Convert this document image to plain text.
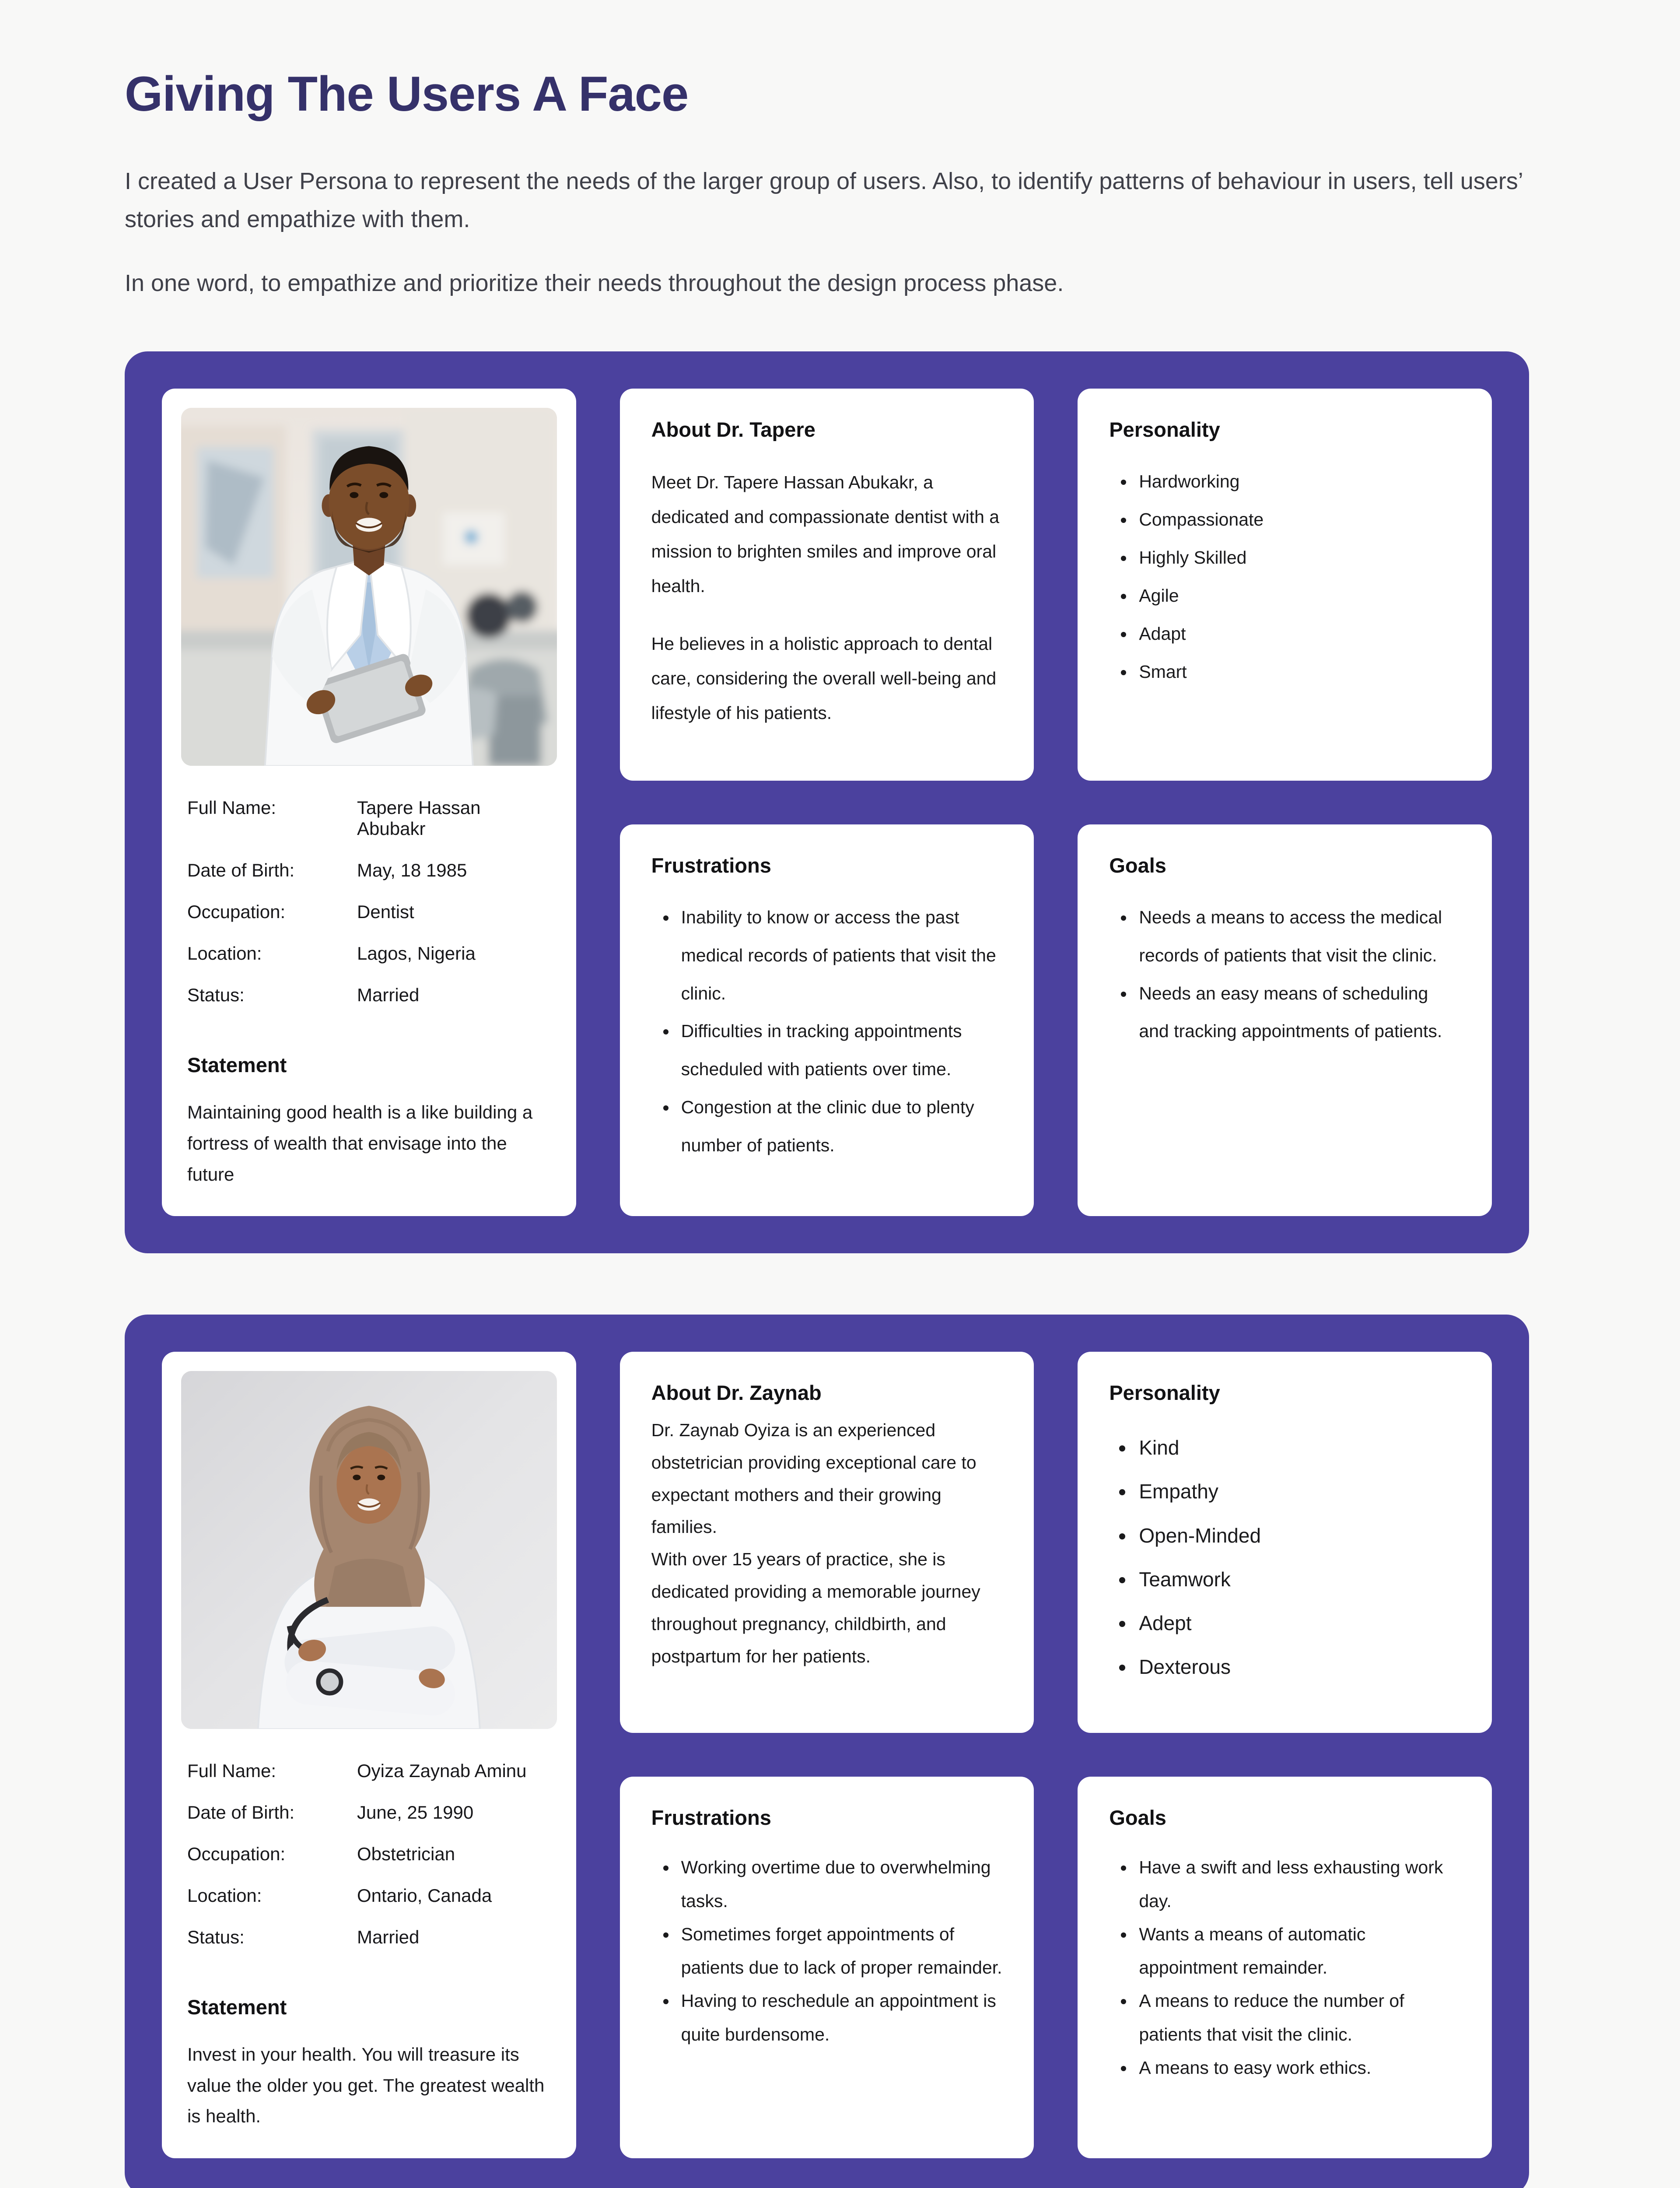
Giving The Users A Face

I created a User Persona to represent the needs of the larger group of users. Also, to identify patterns of behaviour in users, tell users’ stories and empathize with them.

In one word, to empathize and prioritize their needs throughout the design process phase.

Full Name:	Tapere Hassan Abubakr
Date of Birth:	May, 18 1985
Occupation:	Dentist
Location:	Lagos, Nigeria
Status:	Married
Statement

Maintaining good health is a like building a fortress of wealth that envisage into the future

About Dr. Tapere

Meet Dr. Tapere Hassan Abukakr, a dedicated and compassionate dentist with a mission to brighten smiles and improve oral health.

He believes in a holistic approach to dental care, considering the overall well-being and lifestyle of his patients.

Frustrations
• Inability to know or access the past medical records of patients that visit the clinic.
• Difficulties in tracking appointments scheduled with patients over time.
• Congestion at the clinic due to plenty number of patients.
Personality
• Hardworking
• Compassionate
• Highly Skilled
• Agile
• Adapt
• Smart
Goals
• Needs a means to access the medical records of patients that visit the clinic.
• Needs an easy means of scheduling and tracking appointments of patients.
Full Name:	Oyiza Zaynab Aminu
Date of Birth:	June, 25 1990
Occupation:	Obstetrician
Location:	Ontario, Canada
Status:	Married
Statement

Invest in your health. You will treasure its value the older you get. The greatest wealth is health.

About Dr. Zaynab

Dr. Zaynab Oyiza is an experienced obstetrician providing exceptional care to expectant mothers and their growing families.

With over 15 years of practice, she is dedicated providing a memorable journey throughout pregnancy, childbirth, and postpartum for her patients.

Frustrations
• Working overtime due to overwhelming tasks.
• Sometimes forget appointments of patients due to lack of proper remainder.
• Having to reschedule an appointment is quite burdensome.
Personality
• Kind
• Empathy
• Open-Minded
• Teamwork
• Adept
• Dexterous
Goals
• Have a swift and less exhausting work day.
• Wants a means of automatic appointment remainder.
• A means to reduce the number of patients that visit the clinic.
• A means to easy work ethics.
